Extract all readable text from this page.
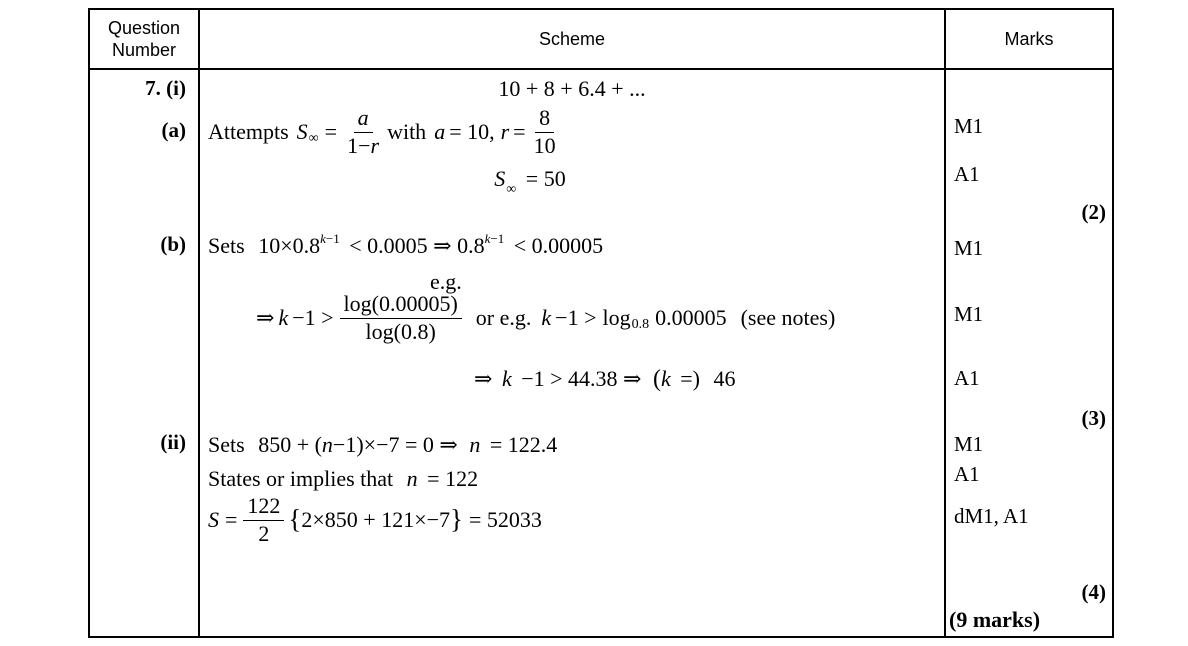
Question
Number
Scheme	Marks
7. (i)
(a)
(b)
(ii)
10 + 8 + 6.4 + ...
Attempts S ∞ = $\frac{a}{1-r}$ with a = 10, $r = \frac{8}{10}$
$S_\infty = 50$
Sets $10\times 0.8^{k-1} < 0.0005$ ⇒ $0.8^{k-1} < 0.00005$
e.g.
⇒ $k -1 > \frac{\log(0.00005)}{\log(0.8)}$ or e.g. k −1 > log 0.8 0.00005 (see notes)
⇒ k −1 > 44.38 ⇒ (k =) 46
Sets 850 + (n−1)×−7 = 0 ⇒ n = 122.4
States or implies that n = 122
$S = \frac{122}{2}$ { 2×850 + 121×−7 } = 52033
M1
A1
(2)
M1
M1
A1
(3)
M1
A1
dM1, A1
(4)
(9 marks)
